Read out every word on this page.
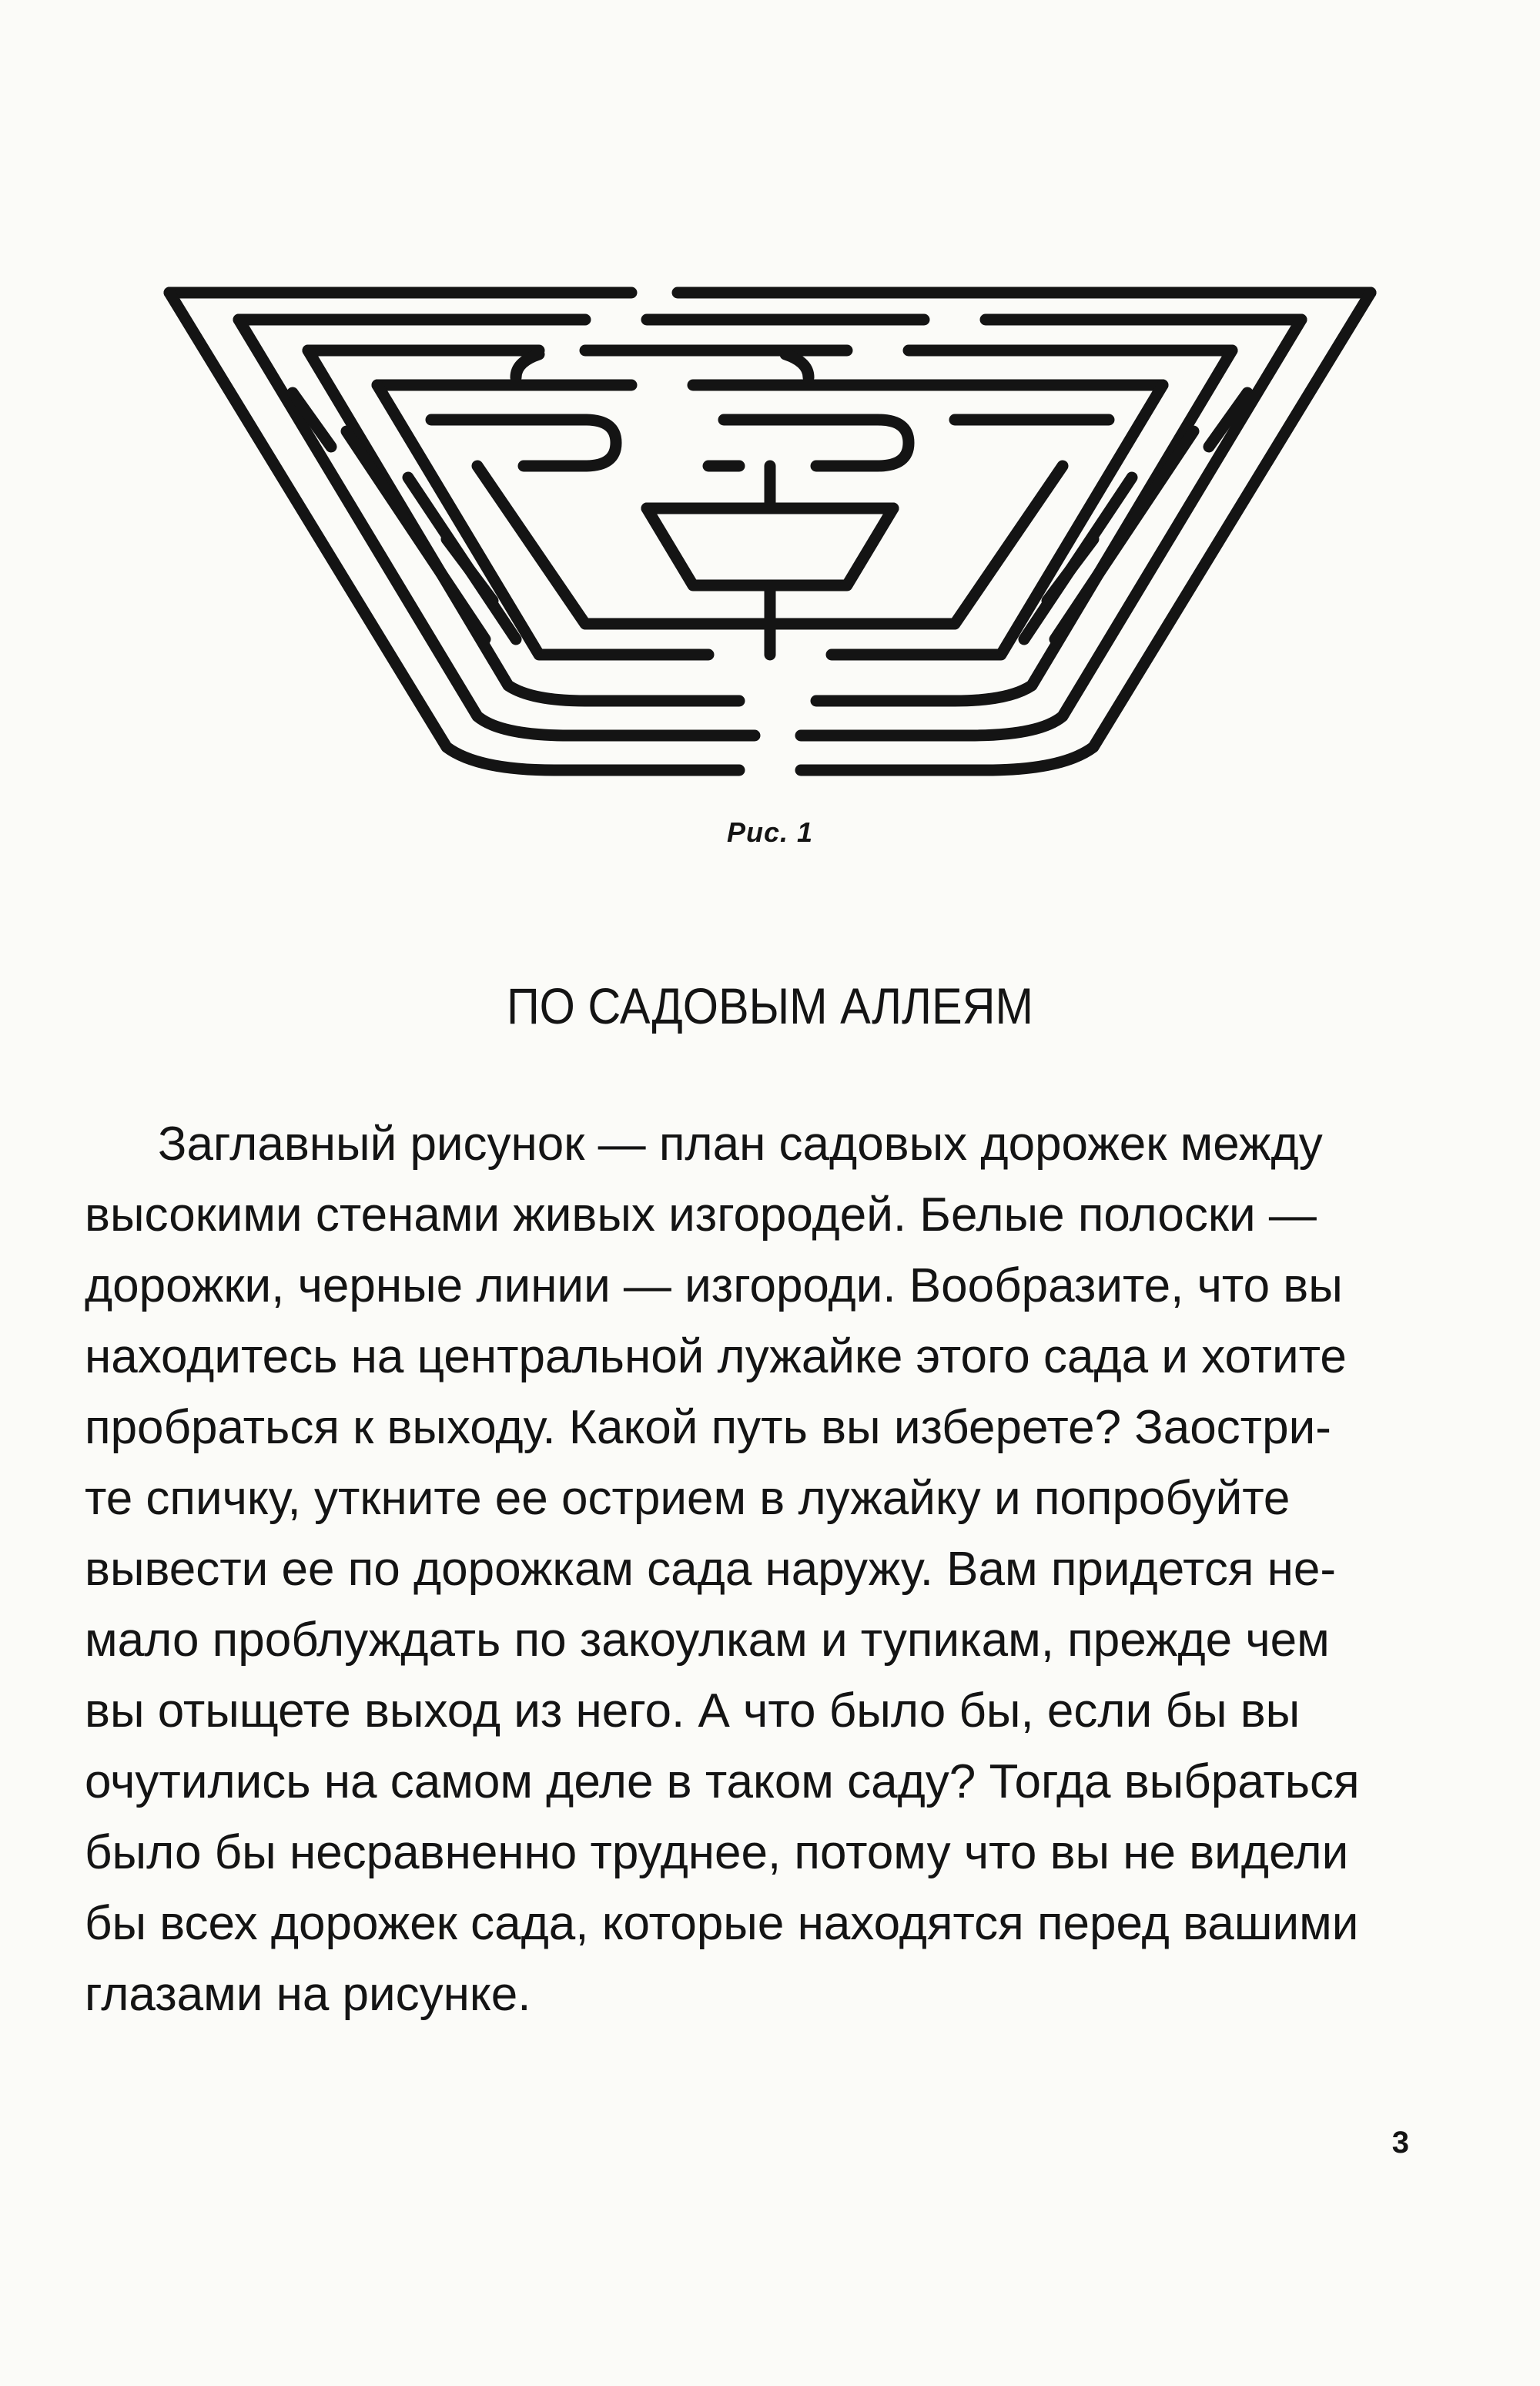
Рис. 1
ПО САДОВЫМ АЛЛЕЯМ
Заглавный рисунок — план садовых дорожек между
высокими стенами живых изгородей. Белые полоски —
дорожки, черные линии — изгороди. Вообразите, что вы
находитесь на центральной лужайке этого сада и хотите
пробраться к выходу. Какой путь вы изберете? Заостри-
те спичку, уткните ее острием в лужайку и попробуйте
вывести ее по дорожкам сада наружу. Вам придется не-
мало проблуждать по закоулкам и тупикам, прежде чем
вы отыщете выход из него. А что было бы, если бы вы
очутились на самом деле в таком саду? Тогда выбраться
было бы несравненно труднее, потому что вы не видели
бы всех дорожек сада, которые находятся перед вашими
глазами на рисунке.
3
